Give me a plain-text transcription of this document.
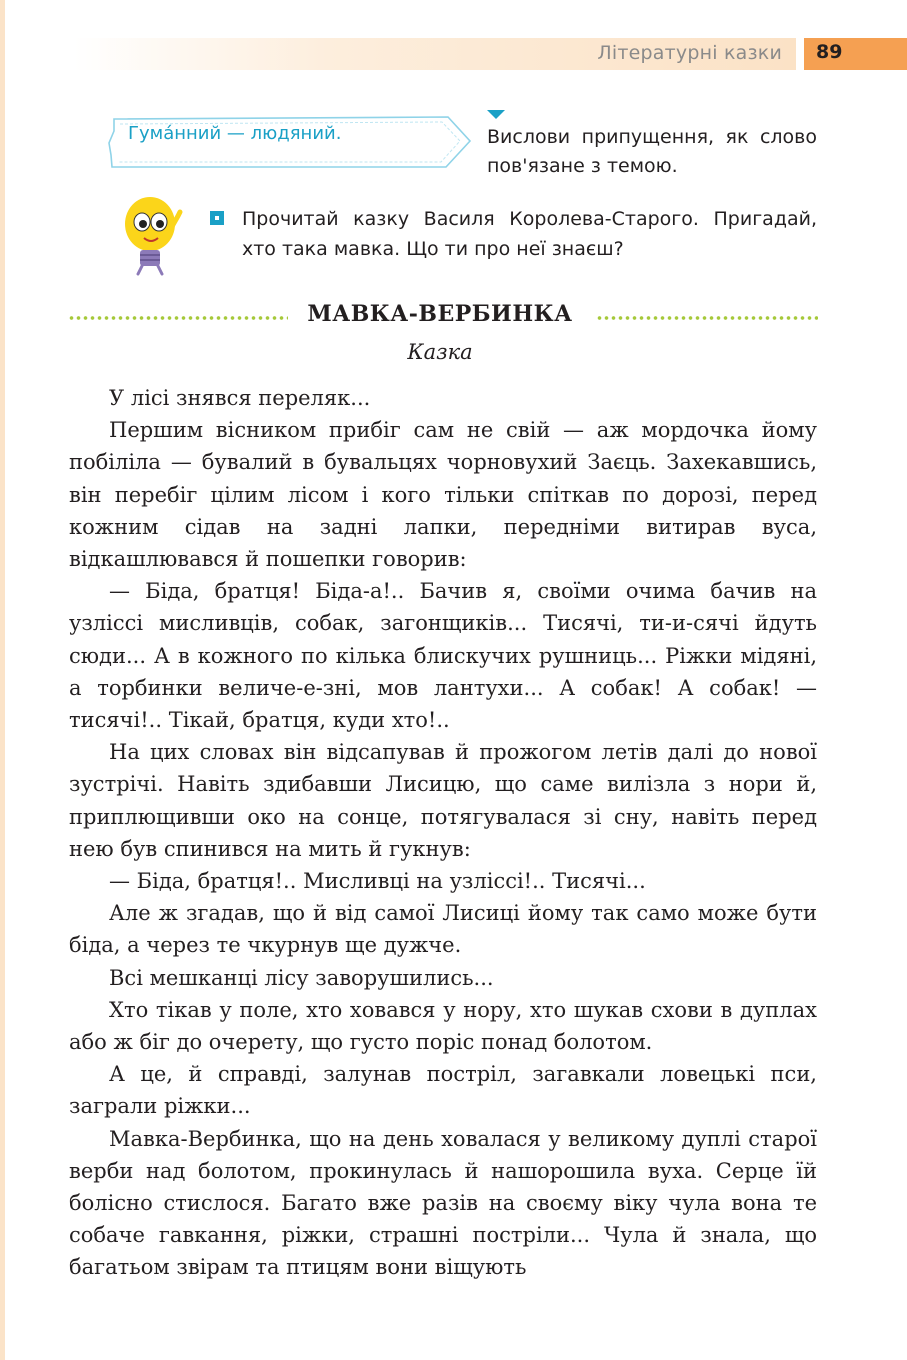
Літературні казки 89
Гума́нний — людяний.	Вислови припущення, як слово пов'язане з темою.
Прочитай казку Василя Королева-Старого. Пригадай, хто така мавка. Що ти про неї знаєш?
МАВКА-ВЕРБИНКА
Казка

У лісі знявся переляк...

Першим вісником прибіг сам не свій — аж мордочка йому побіліла — бувалий в бувальцях чорновухий Заєць. Захекавшись, він перебіг цілим лісом і кого тільки спіткав по дорозі, перед кожним сідав на задні лапки, передніми витирав вуса, відкашлювався й пошепки говорив:

— Біда, братця! Біда-а!.. Бачив я, своїми очима бачив на узліссі мисливців, собак, загонщиків... Тисячі, ти-и-сячі йдуть сюди... А в кожного по кілька блискучих рушниць... Ріжки мідяні, а торбинки величе-е-зні, мов лантухи... А собак! А собак! — тисячі!.. Тікай, братця, куди хто!..

На цих словах він відсапував й прожогом летів далі до нової зустрічі. Навіть здибавши Лисицю, що саме вилізла з нори й, приплющивши око на сонце, потягувалася зі сну, навіть перед нею був спинився на мить й гукнув:

— Біда, братця!.. Мисливці на узліссі!.. Тисячі...

Але ж згадав, що й від самої Лисиці йому так само може бути біда, а через те чкурнув ще дужче.

Всі мешканці лісу заворушились...

Хто тікав у поле, хто ховався у нору, хто шукав схови в дуплах або ж біг до очерету, що густо поріс понад болотом.

А це, й справді, залунав постріл, загавкали ловецькі пси, заграли ріжки...

Мавка-Вербинка, що на день ховалася у великому дуплі старої верби над болотом, прокинулась й нашорошила вуха. Серце їй болісно стислося. Багато вже разів на своєму віку чула вона те собаче гавкання, ріжки, страшні постріли... Чула й знала, що багатьом звірам та птицям вони віщують
